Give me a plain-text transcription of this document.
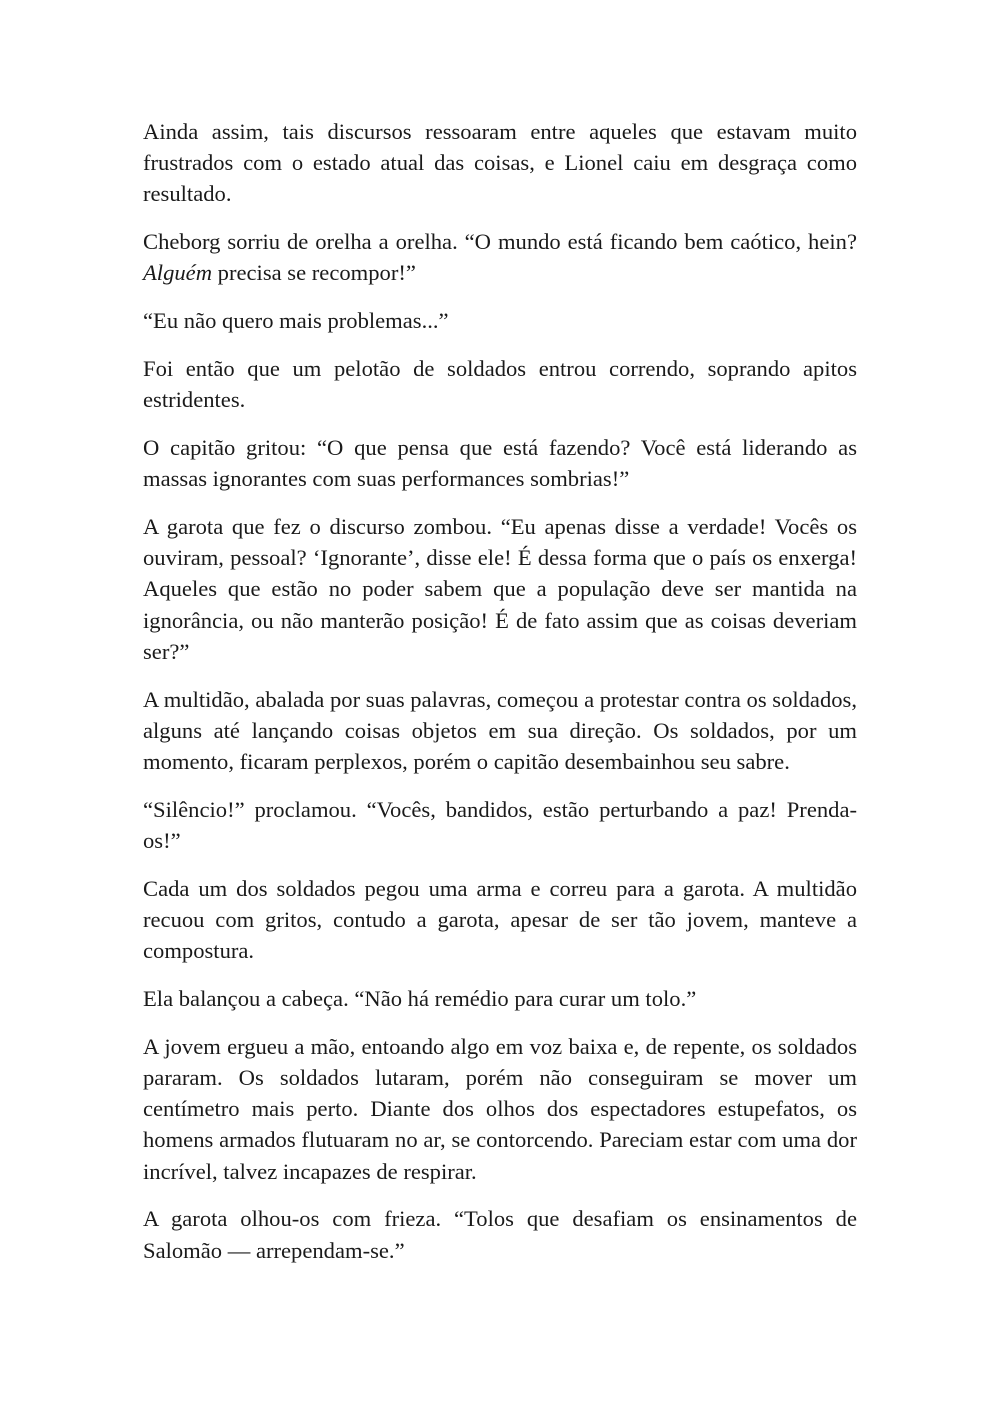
Ainda assim, tais discursos ressoaram entre aqueles que estavam muito frustrados com o estado atual das coisas, e Lionel caiu em desgraça como resultado.

Cheborg sorriu de orelha a orelha. “O mundo está ficando bem caótico, hein? Alguém precisa se recompor!”

“Eu não quero mais problemas...”

Foi então que um pelotão de soldados entrou correndo, soprando apitos estridentes.

O capitão gritou: “O que pensa que está fazendo? Você está liderando as massas ignorantes com suas performances sombrias!”

A garota que fez o discurso zombou. “Eu apenas disse a verdade! Vocês os ouviram, pessoal? ‘Ignorante’, disse ele! É dessa forma que o país os enxerga! Aqueles que estão no poder sabem que a população deve ser mantida na ignorância, ou não manterão posição! É de fato assim que as coisas deveriam ser?”

A multidão, abalada por suas palavras, começou a protestar contra os soldados, alguns até lançando coisas objetos em sua direção. Os soldados, por um momento, ficaram perplexos, porém o capitão desembainhou seu sabre.

“Silêncio!” proclamou. “Vocês, bandidos, estão perturbando a paz! Prenda-os!”

Cada um dos soldados pegou uma arma e correu para a garota. A multidão recuou com gritos, contudo a garota, apesar de ser tão jovem, manteve a compostura.

Ela balançou a cabeça. “Não há remédio para curar um tolo.”

A jovem ergueu a mão, entoando algo em voz baixa e, de repente, os soldados pararam. Os soldados lutaram, porém não conseguiram se mover um centímetro mais perto. Diante dos olhos dos espectadores estupefatos, os homens armados flutuaram no ar, se contorcendo. Pareciam estar com uma dor incrível, talvez incapazes de respirar.

A garota olhou-os com frieza. “Tolos que desafiam os ensinamentos de Salomão — arrependam-se.”
